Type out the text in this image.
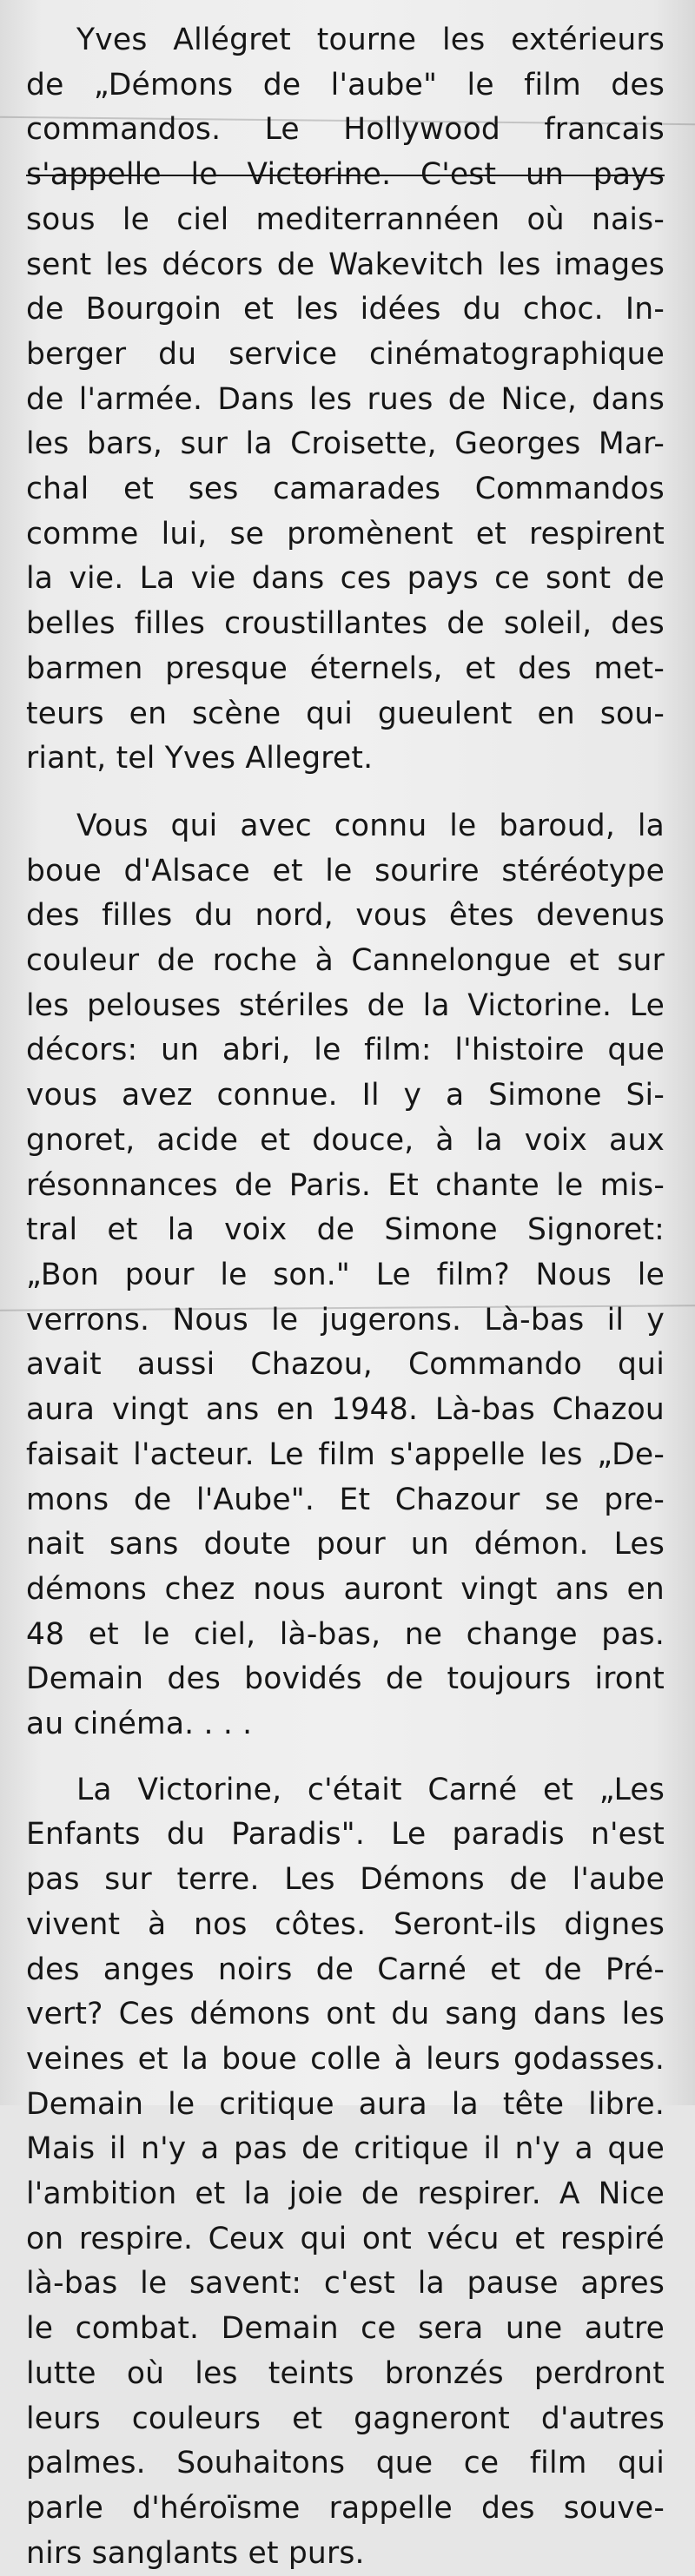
Yves Allégret tourne les extérieurs
de „Démons de l'aube" le film des
commandos. Le Hollywood francais
s'appelle le Victorine. C'est un pays
sous le ciel mediterrannéen où nais-
sent les décors de Wakevitch les images
de Bourgoin et les idées du choc. In-
berger du service cinématographique
de l'armée. Dans les rues de Nice, dans
les bars, sur la Croisette, Georges Mar-
chal et ses camarades Commandos
comme lui, se promènent et respirent
la vie. La vie dans ces pays ce sont de
belles filles croustillantes de soleil, des
barmen presque éternels, et des met-
teurs en scène qui gueulent en sou-
riant, tel Yves Allegret.
Vous qui avec connu le baroud, la
boue d'Alsace et le sourire stéréotype
des filles du nord, vous êtes devenus
couleur de roche à Cannelongue et sur
les pelouses stériles de la Victorine. Le
décors: un abri, le film: l'histoire que
vous avez connue. Il y a Simone Si-
gnoret, acide et douce, à la voix aux
résonnances de Paris. Et chante le mis-
tral et la voix de Simone Signoret:
„Bon pour le son." Le film? Nous le
verrons. Nous le jugerons. Là-bas il y
avait aussi Chazou, Commando qui
aura vingt ans en 1948. Là-bas Chazou
faisait l'acteur. Le film s'appelle les „De-
mons de l'Aube". Et Chazour se pre-
nait sans doute pour un démon. Les
démons chez nous auront vingt ans en
48 et le ciel, là-bas, ne change pas.
Demain des bovidés de toujours iront
au cinéma. . . .
La Victorine, c'était Carné et „Les
Enfants du Paradis". Le paradis n'est
pas sur terre. Les Démons de l'aube
vivent à nos côtes. Seront-ils dignes
des anges noirs de Carné et de Pré-
vert? Ces démons ont du sang dans les
veines et la boue colle à leurs godasses.
Demain le critique aura la tête libre.
Mais il n'y a pas de critique il n'y a que
l'ambition et la joie de respirer. A Nice
on respire. Ceux qui ont vécu et respiré
là-bas le savent: c'est la pause apres
le combat. Demain ce sera une autre
lutte où les teints bronzés perdront
leurs couleurs et gagneront d'autres
palmes. Souhaitons que ce film qui
parle d'héroïsme rappelle des souve-
nirs sanglants et purs.
